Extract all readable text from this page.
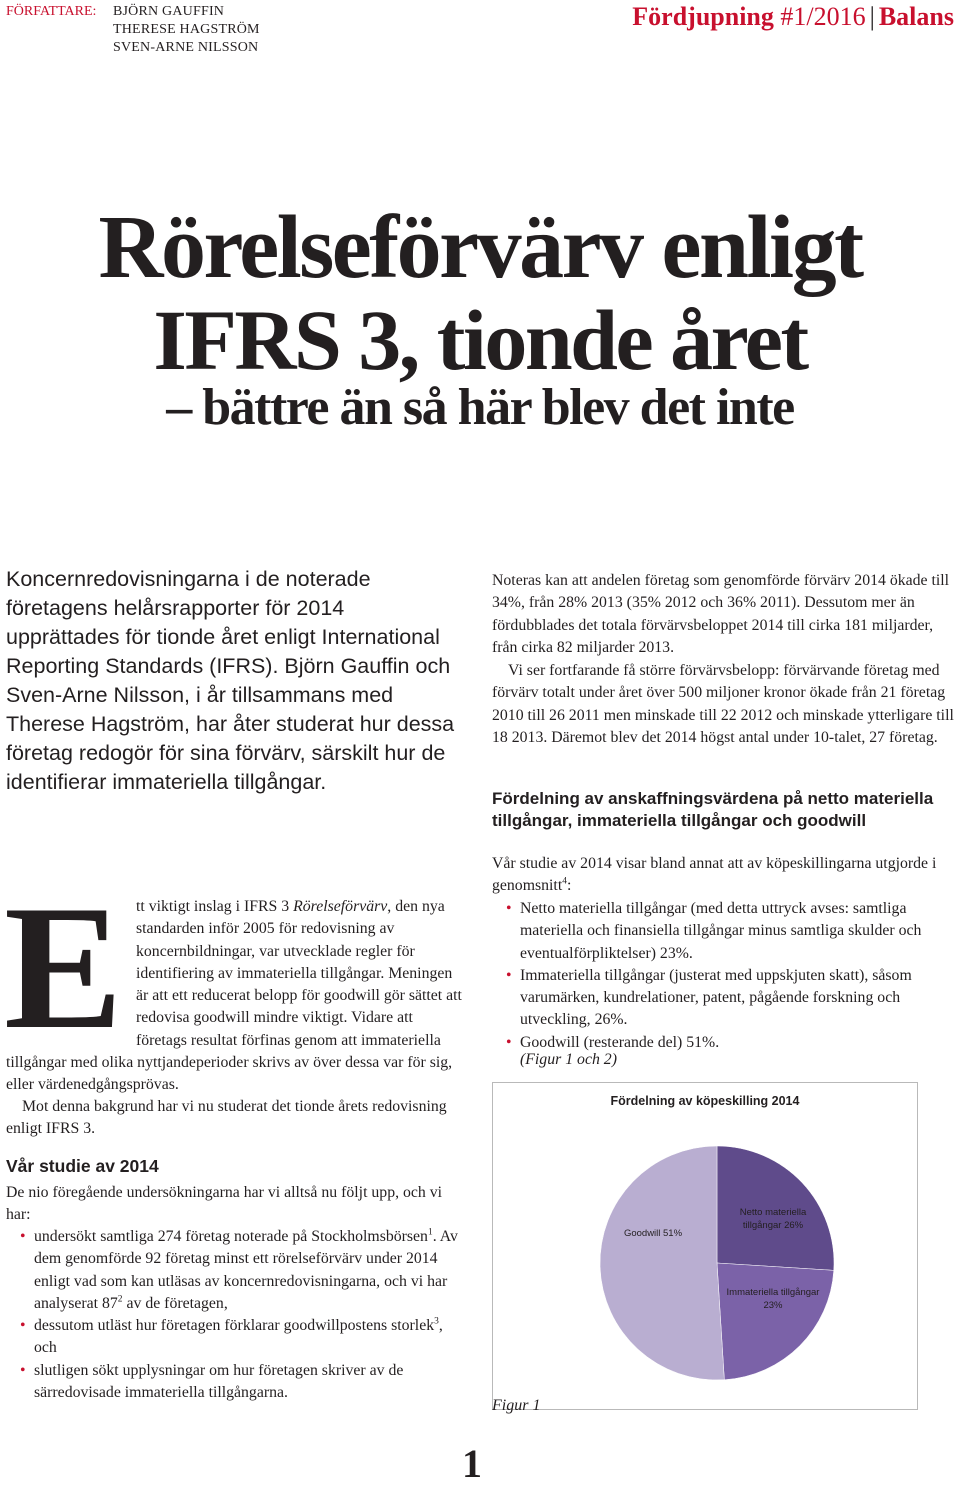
FÖRFATTARE: BJÖRN GAUFFIN
THERESE HAGSTRÖM
SVEN-ARNE NILSSON
Fördjupning #1/2016 | Balans
Rörelseförvärv enligt
IFRS 3, tionde året
– bättre än så här blev det inte
Koncernredovisningarna i de noterade företagens helårsrapporter för 2014 upprättades för tionde året enligt International Reporting Standards (IFRS). Björn Gauffin och Sven-Arne Nilsson, i år tillsammans med Therese Hagström, har åter studerat hur dessa företag redogör för sina förvärv, särskilt hur de identifierar immateriella tillgångar.
E tt viktigt inslag i IFRS 3 Rörelseförvärv, den nya standarden inför 2005 för redovisning av koncernbildningar, var utvecklade regler för identifiering av immateriella tillgångar. Meningen är att ett reducerat belopp för goodwill gör sättet att redovisa goodwill mindre viktigt. Vidare att företags resultat förfinas genom att immateriella tillgångar med olika nyttjandeperioder skrivs av över dessa var för sig, eller värdenedgångsprövas.
Mot denna bakgrund har vi nu studerat det tionde årets redovisning enligt IFRS 3.
Vår studie av 2014
De nio föregående undersökningarna har vi alltså nu följt upp, och vi har:
• undersökt samtliga 274 företag noterade på Stockholmsbörsen$^1$. Av dem genomförde 92 företag minst ett rörelseförvärv under 2014 enligt vad som kan utläsas av koncernredovisningarna, och vi har analyserat $87^2$ av de företagen,
• dessutom utläst hur företagen förklarar goodwillpostens storlek$^3$, och
• slutligen sökt upplysningar om hur företagen skriver av de särredovisade immateriella tillgångarna.
Noteras kan att andelen företag som genomförde förvärv 2014 ökade till 34%, från 28% 2013 (35% 2012 och 36% 2011). Dessutom mer än fördubblades det totala förvärvsbeloppet 2014 till cirka 181 miljarder, från cirka 82 miljarder 2013.
Vi ser fortfarande få större förvärvsbelopp: förvärvande företag med förvärv totalt under året över 500 miljoner kronor ökade från 21 företag 2010 till 26 2011 men minskade till 22 2012 och minskade ytterligare till 18 2013. Däremot blev det 2014 högst antal under 10-talet, 27 företag.
Fördelning av anskaffningsvärdena på netto materiella tillgångar, immateriella tillgångar och goodwill
Vår studie av 2014 visar bland annat att av köpeskillingarna utgjorde i genomsnitt$^4$:
• Netto materiella tillgångar (med detta uttryck avses: samtliga materiella och finansiella tillgångar minus samtliga skulder och eventualförpliktelser) 23%.
• Immateriella tillgångar (justerat med uppskjuten skatt), såsom varumärken, kundrelationer, patent, pågående forskning och utveckling, 26%.
• Goodwill (resterande del) 51%.
(Figur 1 och 2)
Fördelning av köpeskilling 2014
Netto materiella tillgångar 26%
Immateriella tillgångar 23%
Goodwill 51%
Figur 1
1
